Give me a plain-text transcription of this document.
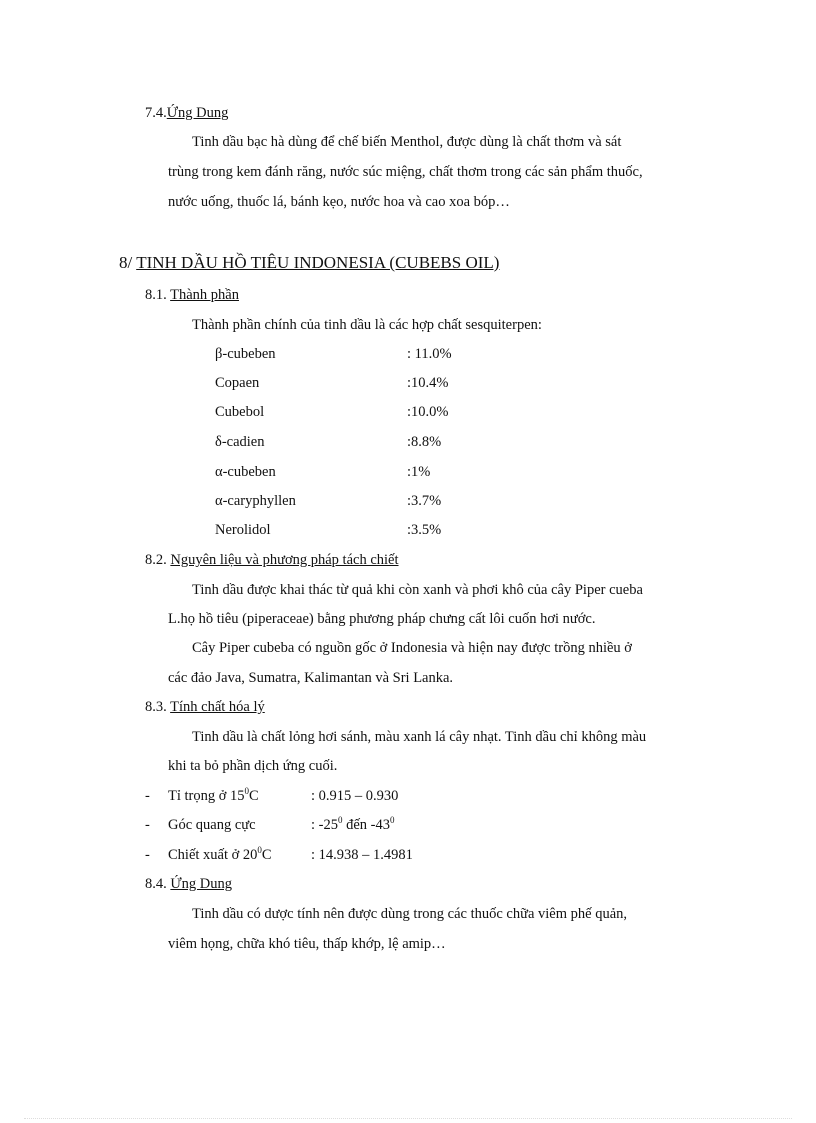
7.4.Ứng Dung
Tinh dầu bạc hà dùng để chế biến Menthol, được dùng là chất thơm và sát
trùng trong kem đánh răng, nước súc miệng, chất thơm trong các sản phẩm thuốc,
nước uống, thuốc lá, bánh kẹo, nước hoa và cao xoa bóp…
8/ TINH DẦU HỒ TIÊU INDONESIA (CUBEBS OIL)
8.1. Thành phần
Thành phần chính của tinh dầu là các hợp chất sesquiterpen:
β-cubeben	: 11.0%
Copaen	:10.4%
Cubebol	:10.0%
δ-cadien	:8.8%
α-cubeben	:1%
α-caryphyllen	:3.7%
Nerolidol	:3.5%
8.2. Nguyên liệu và phương pháp tách chiết
Tinh dầu được khai thác từ quả khi còn xanh và phơi khô của cây Piper cueba
L.họ hồ tiêu (piperaceae) bằng phương pháp chưng cất lôi cuốn hơi nước.
Cây Piper cubeba có nguồn gốc ở Indonesia và hiện nay được trồng nhiều ở
các đảo Java, Sumatra, Kalimantan và Sri Lanka.
8.3. Tính chất hóa lý
Tinh dầu là chất lỏng hơi sánh, màu xanh lá cây nhạt. Tinh dầu chỉ không màu
khi ta bỏ phần dịch ứng cuối.
- Tỉ trọng ở $15^0C$	: 0.915 – 0.930
- Góc quang cực	: $-25^0$ đến $-43^0$
- Chiết xuất ở $20^0C$	: 14.938 – 1.4981
8.4. Ứng Dung
Tinh dầu có dược tính nên được dùng trong các thuốc chữa viêm phế quản,
viêm họng, chữa khó tiêu, thấp khớp, lệ amip…
